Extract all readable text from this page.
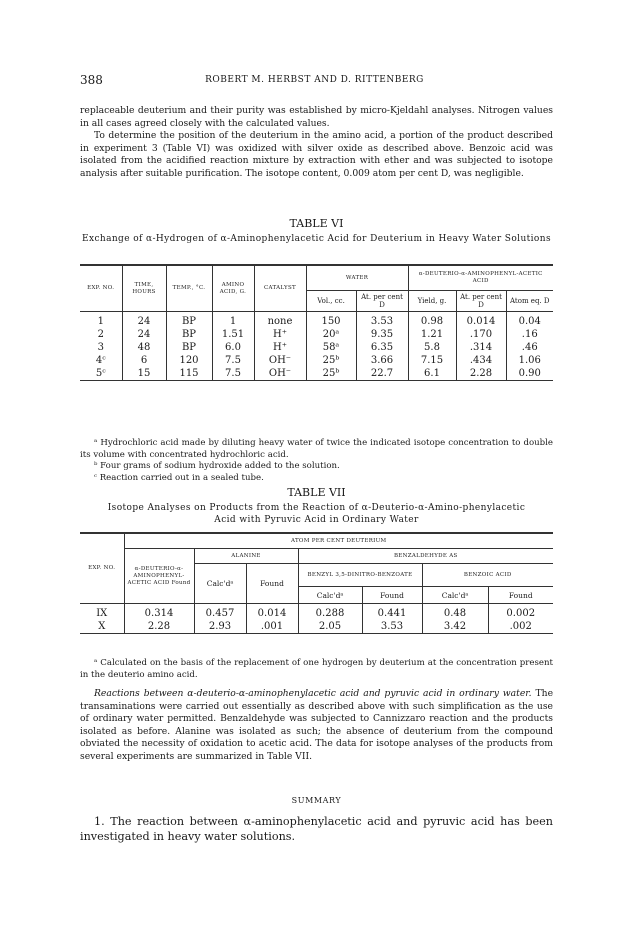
388	ROBERT M. HERBST AND D. RITTENBERG

replaceable deuterium and their purity was established by micro-Kjeldahl analyses. Nitrogen values in all cases agreed closely with the calculated values.

To determine the position of the deuterium in the amino acid, a portion of the product described in experiment 3 (Table VI) was oxidized with silver oxide as described above. Benzoic acid was isolated from the acidified reaction mixture by extraction with ether and was subjected to isotope analysis after suitable purification. The isotope content, 0.009 atom per cent D, was negligible.

TABLE VI
Exchange of α-Hydrogen of α-Aminophenylacetic Acid for Deuterium in Heavy Water Solutions
EXP. NO.	TIME, HOURS	TEMP., °C.	AMINO ACID, G.	CATALYST	WATER		α-DEUTERIO-α-AMINOPHENYL-ACETIC ACID		
					Vol., cc.	At. per cent D	Yield, g.	At. per cent D	Atom eq. D
1	24	BP	1	none	150	3.53	0.98	0.014	0.04
2	24	BP	1.51	H⁺	20ᵃ	9.35	1.21	.170	.16
3	48	BP	6.0	H⁺	58ᵃ	6.35	5.8	.314	.46
4ᶜ	6	120	7.5	OH⁻	25ᵇ	3.66	7.15	.434	1.06
5ᶜ	15	115	7.5	OH⁻	25ᵇ	22.7	6.1	2.28	0.90

ᵃ Hydrochloric acid made by diluting heavy water of twice the indicated isotope concentration to double its volume with concentrated hydrochloric acid.

ᵇ Four grams of sodium hydroxide added to the solution.

ᶜ Reaction carried out in a sealed tube.

TABLE VII
Isotope Analyses on Products from the Reaction of α-Deuterio-α-Amino-phenylacetic Acid with Pyruvic Acid in Ordinary Water
EXP. NO.	ATOM PER CENT DEUTERIUM						
	α-DEUTERIO-α-AMINOPHENYL-ACETIC ACID Found	ALANINE		BENZALDEHYDE AS			
		Calc'dᵃ	Found	BENZYL 3,5-DINITRO-BENZOATE		BENZOIC ACID	
				Calc'dᵃ	Found	Calc'dᵃ	Found
IX	0.314	0.457	0.014	0.288	0.441	0.48	0.002
X	2.28	2.93	.001	2.05	3.53	3.42	.002

ᵃ Calculated on the basis of the replacement of one hydrogen by deuterium at the concentration present in the deuterio amino acid.

Reactions between α-deuterio-α-aminophenylacetic acid and pyruvic acid in ordinary water. The transaminations were carried out essentially as described above with such simplification as the use of ordinary water permitted. Benzaldehyde was subjected to Cannizzaro reaction and the products isolated as before. Alanine was isolated as such; the absence of deuterium from the compound obviated the necessity of oxidation to acetic acid. The data for isotope analyses of the products from several experiments are summarized in Table VII.

SUMMARY

1. The reaction between α-aminophenylacetic acid and pyruvic acid has been investigated in heavy water solutions.
